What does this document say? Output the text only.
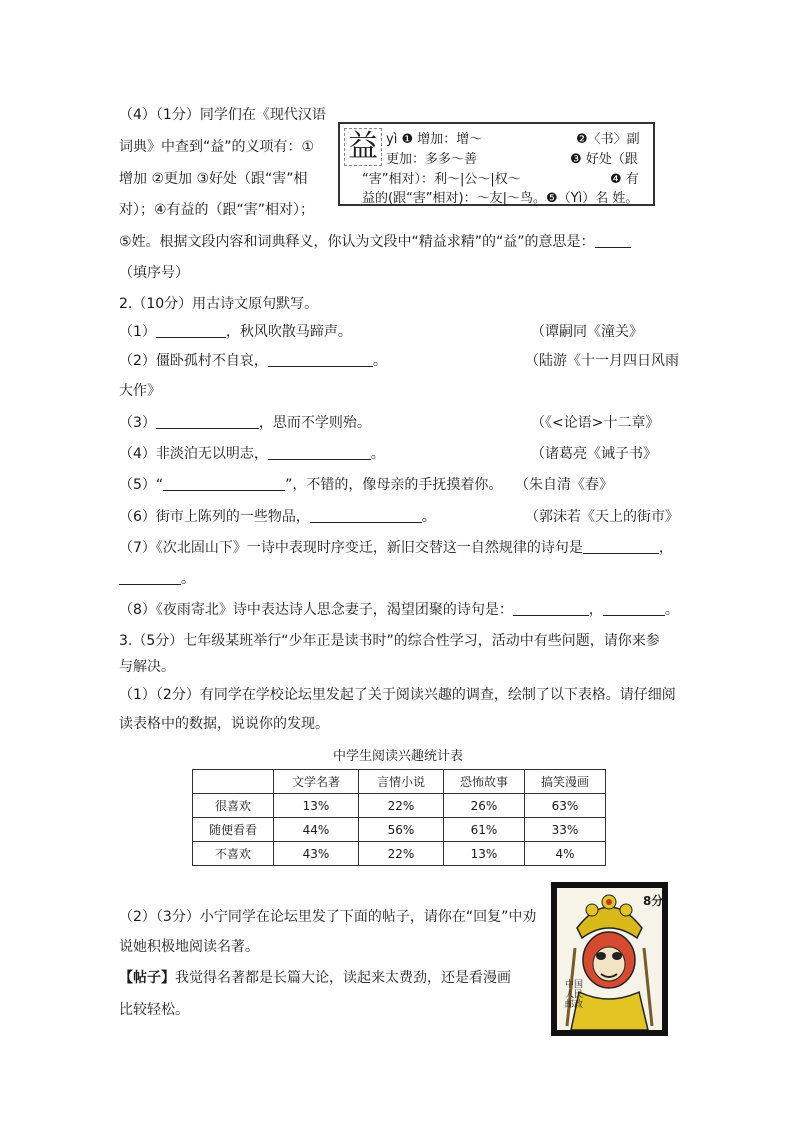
（4）（1分）同学们在《现代汉语
词典》中查到“益”的义项有：①
增加 ②更加 ③好处（跟“害”相
对）；④有益的（跟“害”相对）；
益 yì ❶ 增加：增～	❷〈书〉副
更加：多多～善	❸ 好处（跟
“害”相对）：利～|公～|权～	❹ 有
益的(跟“害”相对)：～友|～鸟。❺（Yì）名 姓。
⑤姓。根据文段内容和词典释义，你认为文段中“精益求精”的“益”的意思是：
（填序号）
2.（10分）用古诗文原句默写。
（1）	，秋风吹散马蹄声。	（谭嗣同《潼关》
（2）僵卧孤村不自哀，	。	（陆游《十一月四日风雨
大作》
（3）	，思而不学则殆。	（《<论语>十二章》
（4）非淡泊无以明志，	。	（诸葛亮《诫子书》
（5）“	”，不错的，像母亲的手抚摸着你。 （朱自清《春》
（6）街市上陈列的一些物品，	。	（郭沫若《天上的街市》
（7）《次北固山下》一诗中表现时序变迁，新旧交替这一自然规律的诗句是	，
。
（8）《夜雨寄北》诗中表达诗人思念妻子，渴望团聚的诗句是：	，	。
3.（5分）七年级某班举行“少年正是读书时”的综合性学习，活动中有些问题，请你来参
与解决。
（1）（2分）有同学在学校论坛里发起了关于阅读兴趣的调查，绘制了以下表格。请仔细阅
读表格中的数据，说说你的发现。
中学生阅读兴趣统计表
	文学名著	言情小说	恐怖故事	搞笑漫画
很喜欢	13%	22%	26%	63%
随便看看	44%	56%	61%	33%
不喜欢	43%	22%	13%	4%
（2）（3分）小宁同学在论坛里发了下面的帖子，请你在“回复”中劝
说她积极地阅读名著。
【帖子】我觉得名著都是长篇大论，读起来太费劲，还是看漫画
比较轻松。
8分
中国人民邮政
